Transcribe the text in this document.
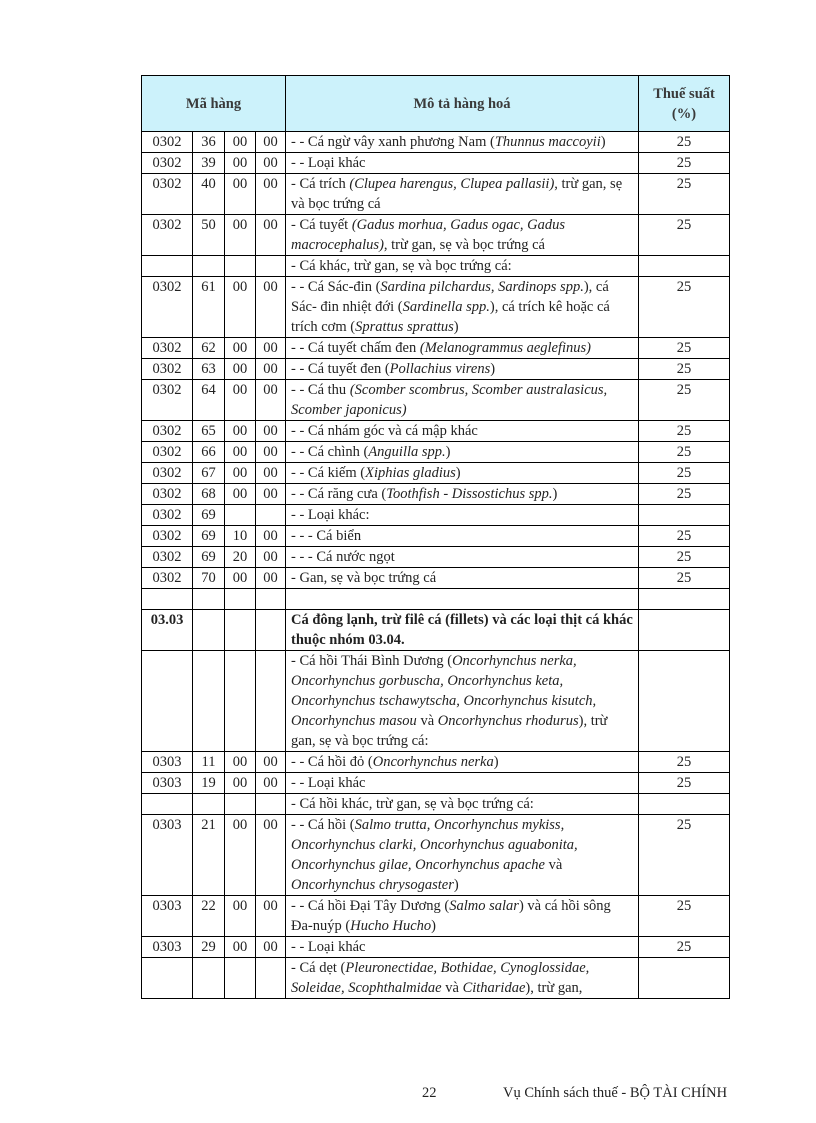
Mã hàng				Mô tả hàng hoá	Thuế suất (%)
0302	36	00	00	- - Cá ngừ vây xanh phương Nam (Thunnus maccoyii)	25
0302	39	00	00	- - Loại khác	25
0302	40	00	00	- Cá trích (Clupea harengus, Clupea pallasii), trừ gan, sẹ và bọc trứng cá	25
0302	50	00	00	- Cá tuyết (Gadus morhua, Gadus ogac, Gadus macrocephalus), trừ gan, sẹ và bọc trứng cá	25
				- Cá khác, trừ gan, sẹ và bọc trứng cá:	
0302	61	00	00	- - Cá Sác-đin (Sardina pilchardus, Sardinops spp.), cá Sác- đin nhiệt đới (Sardinella spp.), cá trích kê hoặc cá trích cơm (Sprattus sprattus)	25
0302	62	00	00	- - Cá tuyết chấm đen (Melanogrammus aeglefinus)	25
0302	63	00	00	- - Cá tuyết đen (Pollachius virens)	25
0302	64	00	00	- - Cá thu (Scomber scombrus, Scomber australasicus, Scomber japonicus)	25
0302	65	00	00	- - Cá nhám góc và cá mập khác	25
0302	66	00	00	- - Cá chình (Anguilla spp.)	25
0302	67	00	00	- - Cá kiếm (Xiphias gladius)	25
0302	68	00	00	- - Cá răng cưa (Toothfish - Dissostichus spp.)	25
0302	69			- - Loại khác:	
0302	69	10	00	- - - Cá biển	25
0302	69	20	00	- - - Cá nước ngọt	25
0302	70	00	00	- Gan, sẹ và bọc trứng cá	25

03.03				Cá đông lạnh, trừ filê cá (fillets) và các loại thịt cá khác thuộc nhóm 03.04.	
				- Cá hồi Thái Bình Dương (Oncorhynchus nerka, Oncorhynchus gorbuscha, Oncorhynchus keta, Oncorhynchus tschawytscha, Oncorhynchus kisutch, Oncorhynchus masou và Oncorhynchus rhodurus), trừ gan, sẹ và bọc trứng cá:	
0303	11	00	00	- - Cá hồi đỏ (Oncorhynchus nerka)	25
0303	19	00	00	- - Loại khác	25
				- Cá hồi khác, trừ gan, sẹ và bọc trứng cá:	
0303	21	00	00	- - Cá hồi (Salmo trutta, Oncorhynchus mykiss, Oncorhynchus clarki, Oncorhynchus aguabonita, Oncorhynchus gilae, Oncorhynchus apache và Oncorhynchus chrysogaster)	25
0303	22	00	00	- - Cá hồi Đại Tây Dương (Salmo salar) và cá hồi sông Đa-nuýp (Hucho Hucho)	25
0303	29	00	00	- - Loại khác	25
				- Cá dẹt (Pleuronectidae, Bothidae, Cynoglossidae, Soleidae, Scophthalmidae và Citharidae), trừ gan,	
22	Vụ Chính sách thuế - BỘ TÀI CHÍNH
